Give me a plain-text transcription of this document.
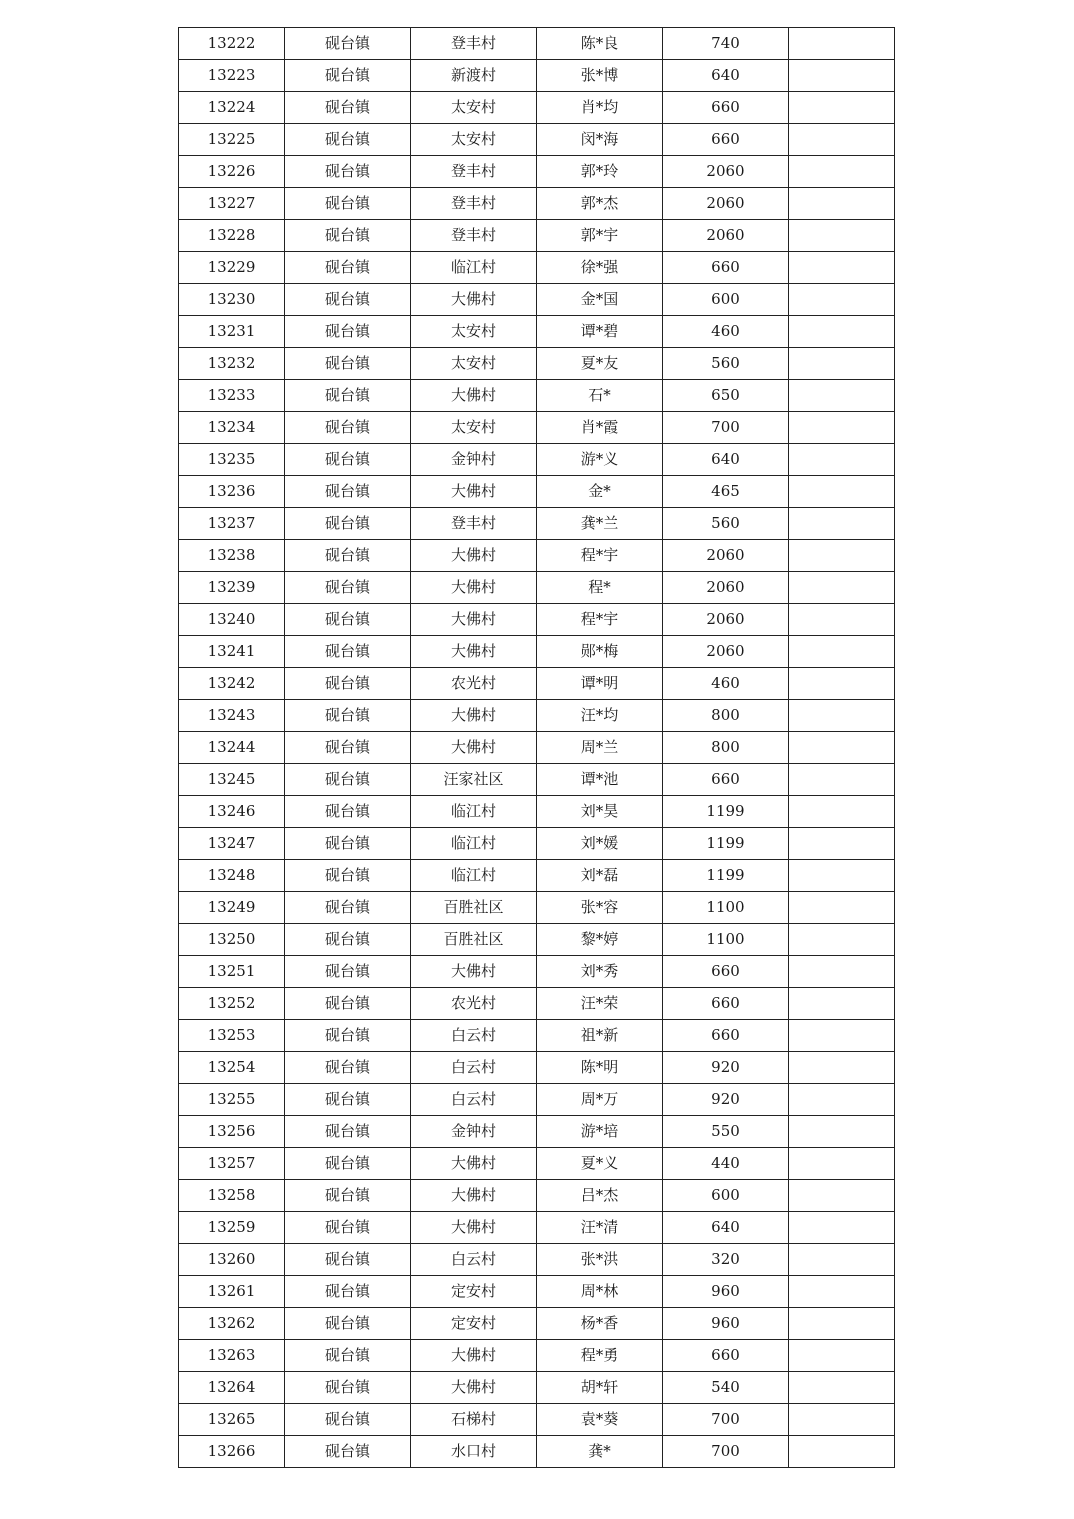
13222	砚台镇	登丰村	陈*良	740	
13223	砚台镇	新渡村	张*博	640	
13224	砚台镇	太安村	肖*均	660	
13225	砚台镇	太安村	闵*海	660	
13226	砚台镇	登丰村	郭*玲	2060	
13227	砚台镇	登丰村	郭*杰	2060	
13228	砚台镇	登丰村	郭*宇	2060	
13229	砚台镇	临江村	徐*强	660	
13230	砚台镇	大佛村	金*国	600	
13231	砚台镇	太安村	谭*碧	460	
13232	砚台镇	太安村	夏*友	560	
13233	砚台镇	大佛村	石*	650	
13234	砚台镇	太安村	肖*霞	700	
13235	砚台镇	金钟村	游*义	640	
13236	砚台镇	大佛村	金*	465	
13237	砚台镇	登丰村	龚*兰	560	
13238	砚台镇	大佛村	程*宇	2060	
13239	砚台镇	大佛村	程*	2060	
13240	砚台镇	大佛村	程*宇	2060	
13241	砚台镇	大佛村	郧*梅	2060	
13242	砚台镇	农光村	谭*明	460	
13243	砚台镇	大佛村	汪*均	800	
13244	砚台镇	大佛村	周*兰	800	
13245	砚台镇	汪家社区	谭*池	660	
13246	砚台镇	临江村	刘*昊	1199	
13247	砚台镇	临江村	刘*媛	1199	
13248	砚台镇	临江村	刘*磊	1199	
13249	砚台镇	百胜社区	张*容	1100	
13250	砚台镇	百胜社区	黎*婷	1100	
13251	砚台镇	大佛村	刘*秀	660	
13252	砚台镇	农光村	汪*荣	660	
13253	砚台镇	白云村	祖*新	660	
13254	砚台镇	白云村	陈*明	920	
13255	砚台镇	白云村	周*万	920	
13256	砚台镇	金钟村	游*培	550	
13257	砚台镇	大佛村	夏*义	440	
13258	砚台镇	大佛村	吕*杰	600	
13259	砚台镇	大佛村	汪*清	640	
13260	砚台镇	白云村	张*洪	320	
13261	砚台镇	定安村	周*林	960	
13262	砚台镇	定安村	杨*香	960	
13263	砚台镇	大佛村	程*勇	660	
13264	砚台镇	大佛村	胡*轩	540	
13265	砚台镇	石梯村	袁*葵	700	
13266	砚台镇	水口村	龚*	700	
